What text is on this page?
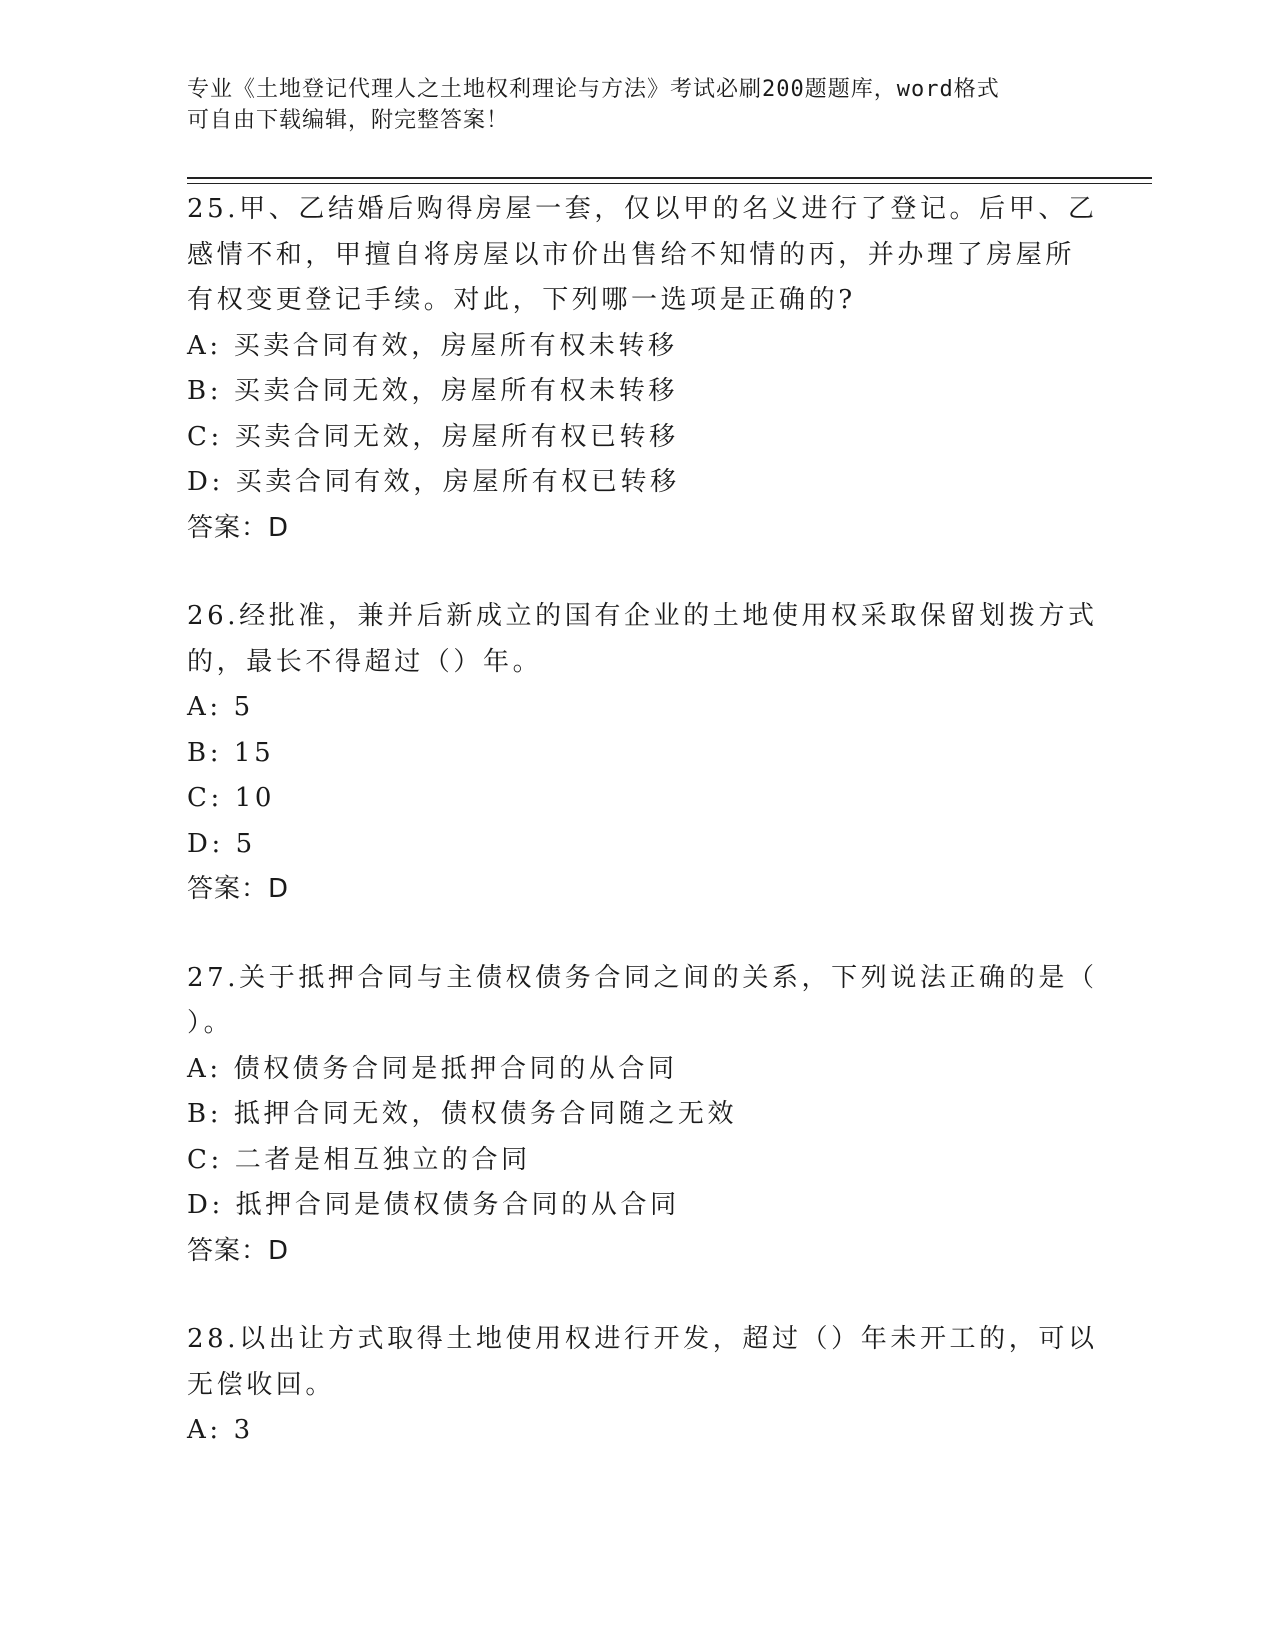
专业《土地登记代理人之土地权利理论与方法》考试必刷200题题库，word格式
可自由下载编辑，附完整答案！
25.甲、乙结婚后购得房屋一套，仅以甲的名义进行了登记。后甲、乙
感情不和，甲擅自将房屋以市价出售给不知情的丙，并办理了房屋所
有权变更登记手续。对此，下列哪一选项是正确的?
A: 买卖合同有效，房屋所有权未转移
B: 买卖合同无效，房屋所有权未转移
C: 买卖合同无效，房屋所有权已转移
D: 买卖合同有效，房屋所有权已转移
答案：D
26.经批准，兼并后新成立的国有企业的土地使用权采取保留划拨方式
的，最长不得超过（）年。
A: 5
B: 15
C: 10
D: 5
答案：D
27.关于抵押合同与主债权债务合同之间的关系，下列说法正确的是（
）。
A: 债权债务合同是抵押合同的从合同
B: 抵押合同无效，债权债务合同随之无效
C: 二者是相互独立的合同
D: 抵押合同是债权债务合同的从合同
答案：D
28.以出让方式取得土地使用权进行开发，超过（）年未开工的，可以
无偿收回。
A: 3
